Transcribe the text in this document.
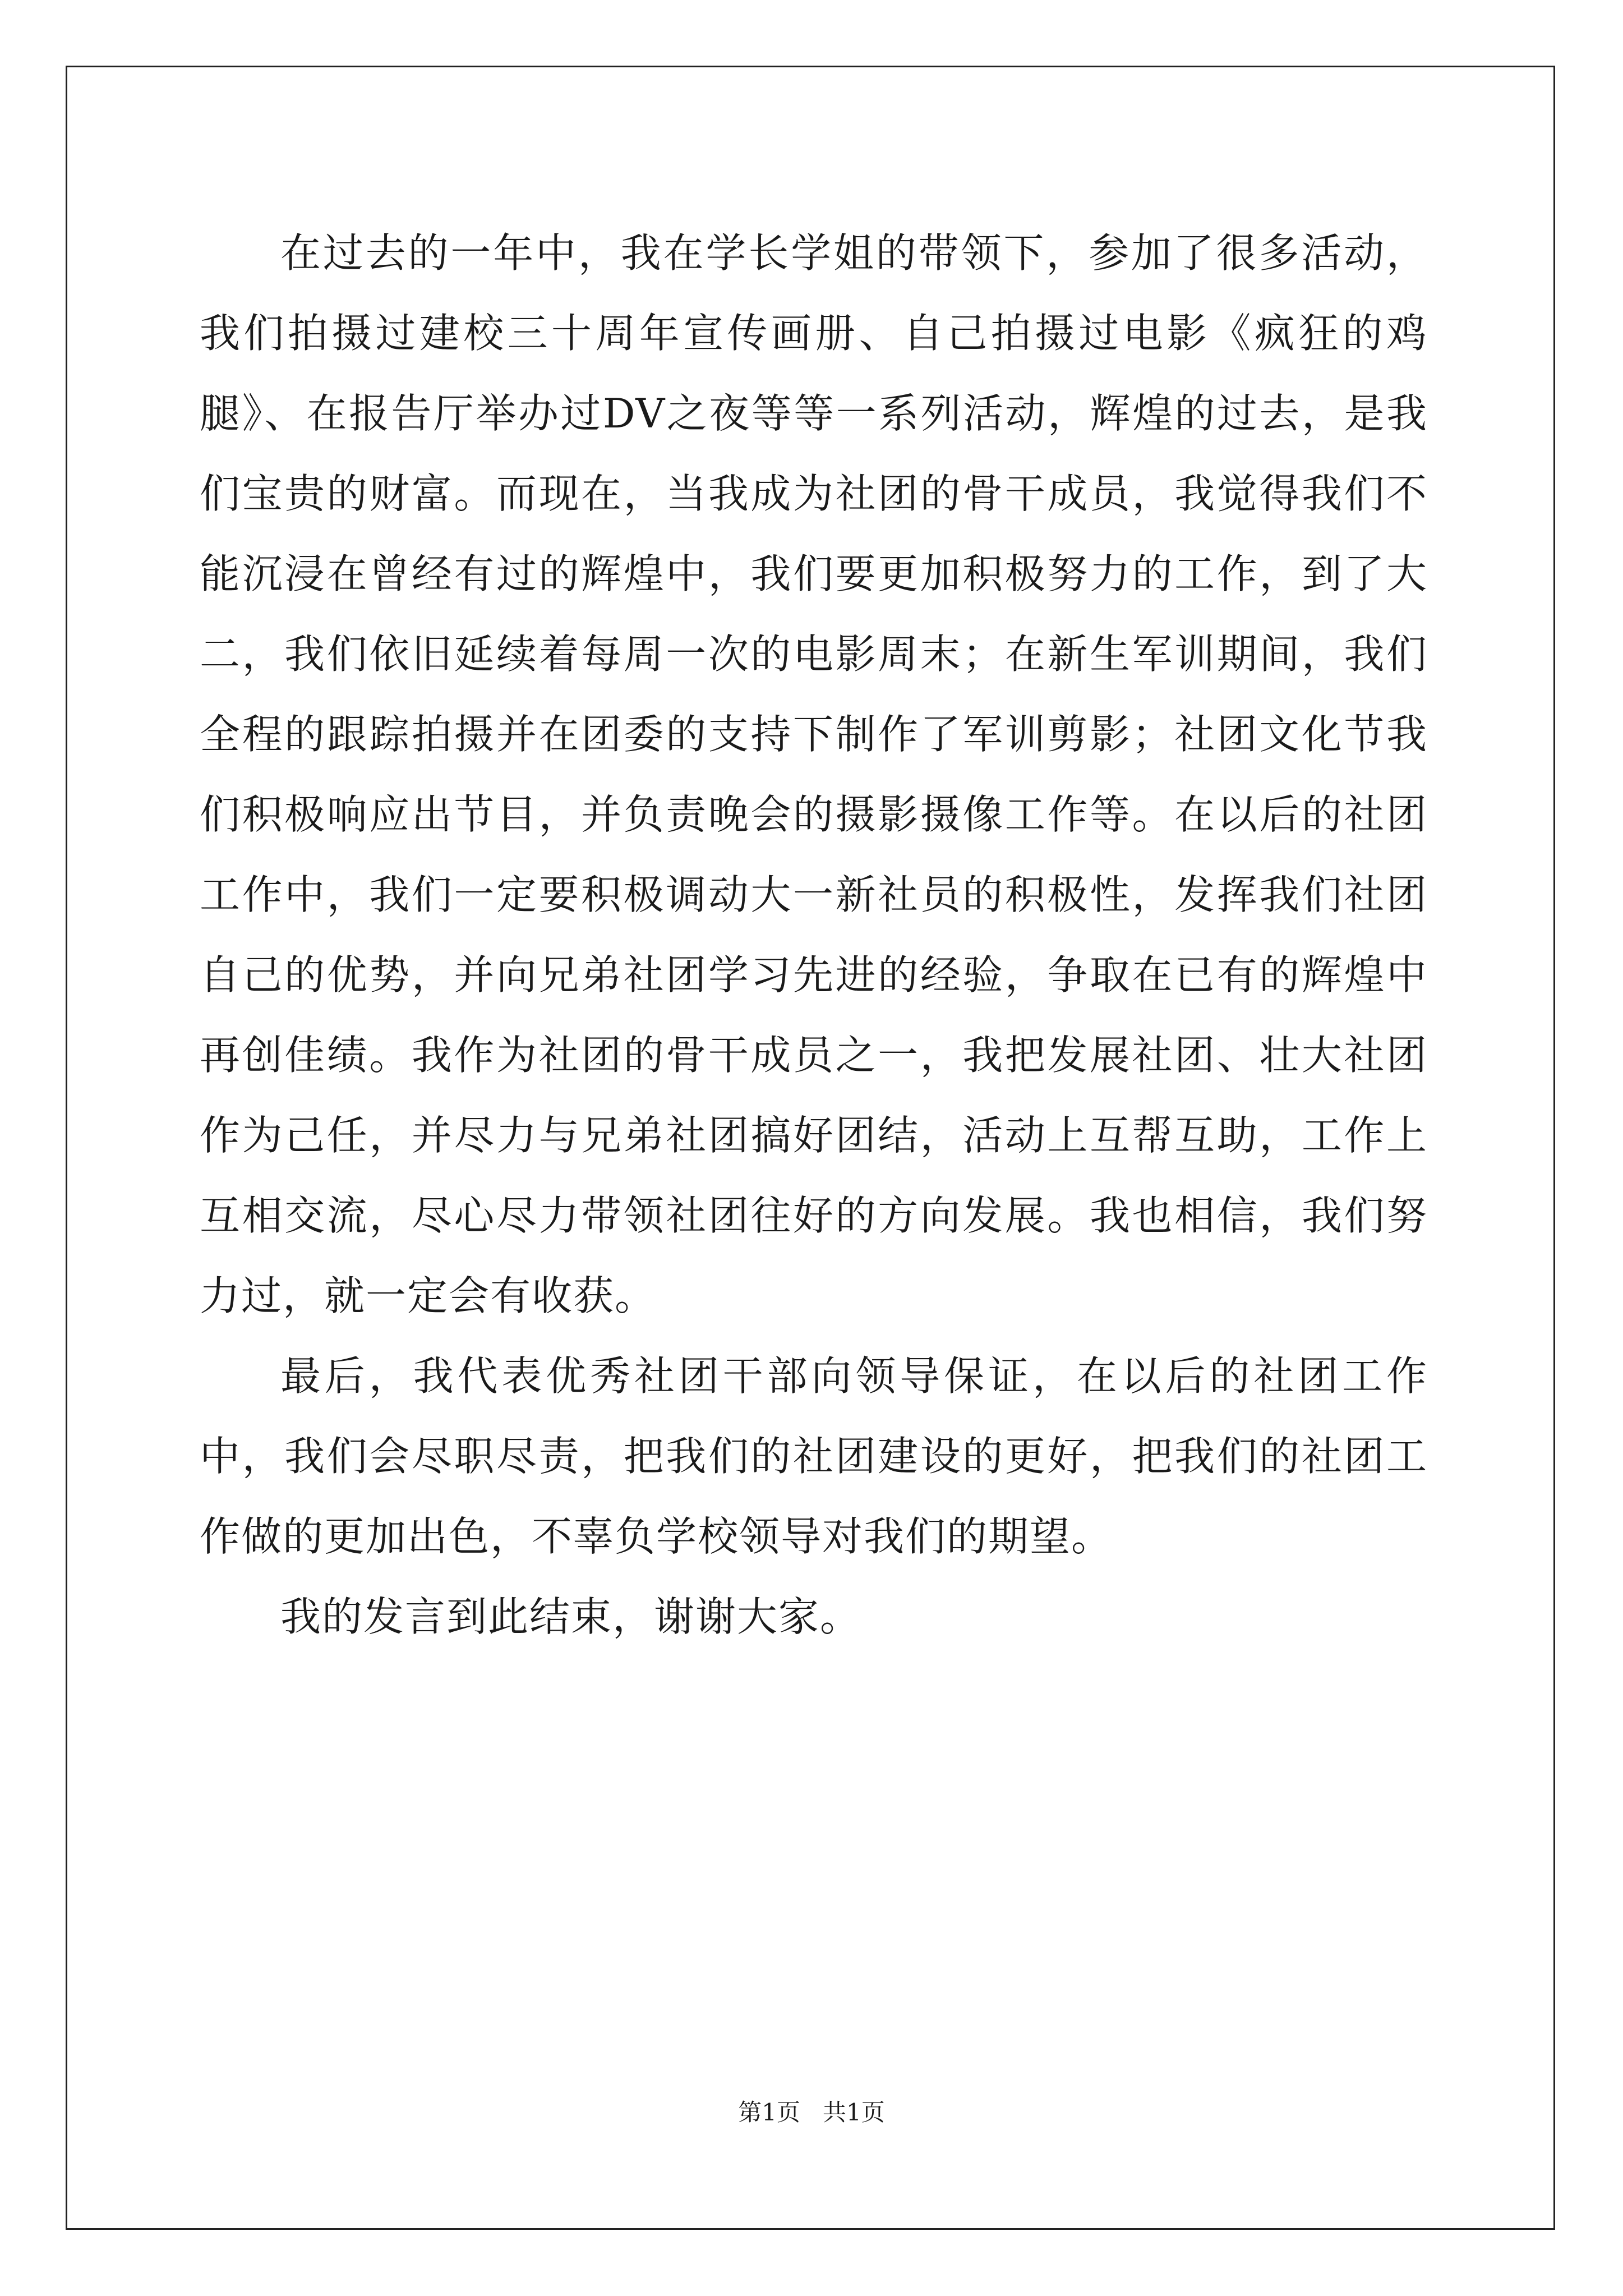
在过去的一年中，我在学长学姐的带领下，参加了很多活动，我们拍摄过建校三十周年宣传画册、自己拍摄过电影《疯狂的鸡腿》、在报告厅举办过DV之夜等等一系列活动，辉煌的过去，是我们宝贵的财富。而现在，当我成为社团的骨干成员，我觉得我们不能沉浸在曾经有过的辉煌中，我们要更加积极努力的工作，到了大二，我们依旧延续着每周一次的电影周末；在新生军训期间，我们全程的跟踪拍摄并在团委的支持下制作了军训剪影；社团文化节我们积极响应出节目，并负责晚会的摄影摄像工作等。在以后的社团工作中，我们一定要积极调动大一新社员的积极性，发挥我们社团自己的优势，并向兄弟社团学习先进的经验，争取在已有的辉煌中再创佳绩。我作为社团的骨干成员之一，我把发展社团、壮大社团作为己任，并尽力与兄弟社团搞好团结，活动上互帮互助，工作上互相交流，尽心尽力带领社团往好的方向发展。我也相信，我们努力过，就一定会有收获。

最后，我代表优秀社团干部向领导保证，在以后的社团工作中，我们会尽职尽责，把我们的社团建设的更好，把我们的社团工作做的更加出色，不辜负学校领导对我们的期望。

我的发言到此结束，谢谢大家。

第1页 共1页
